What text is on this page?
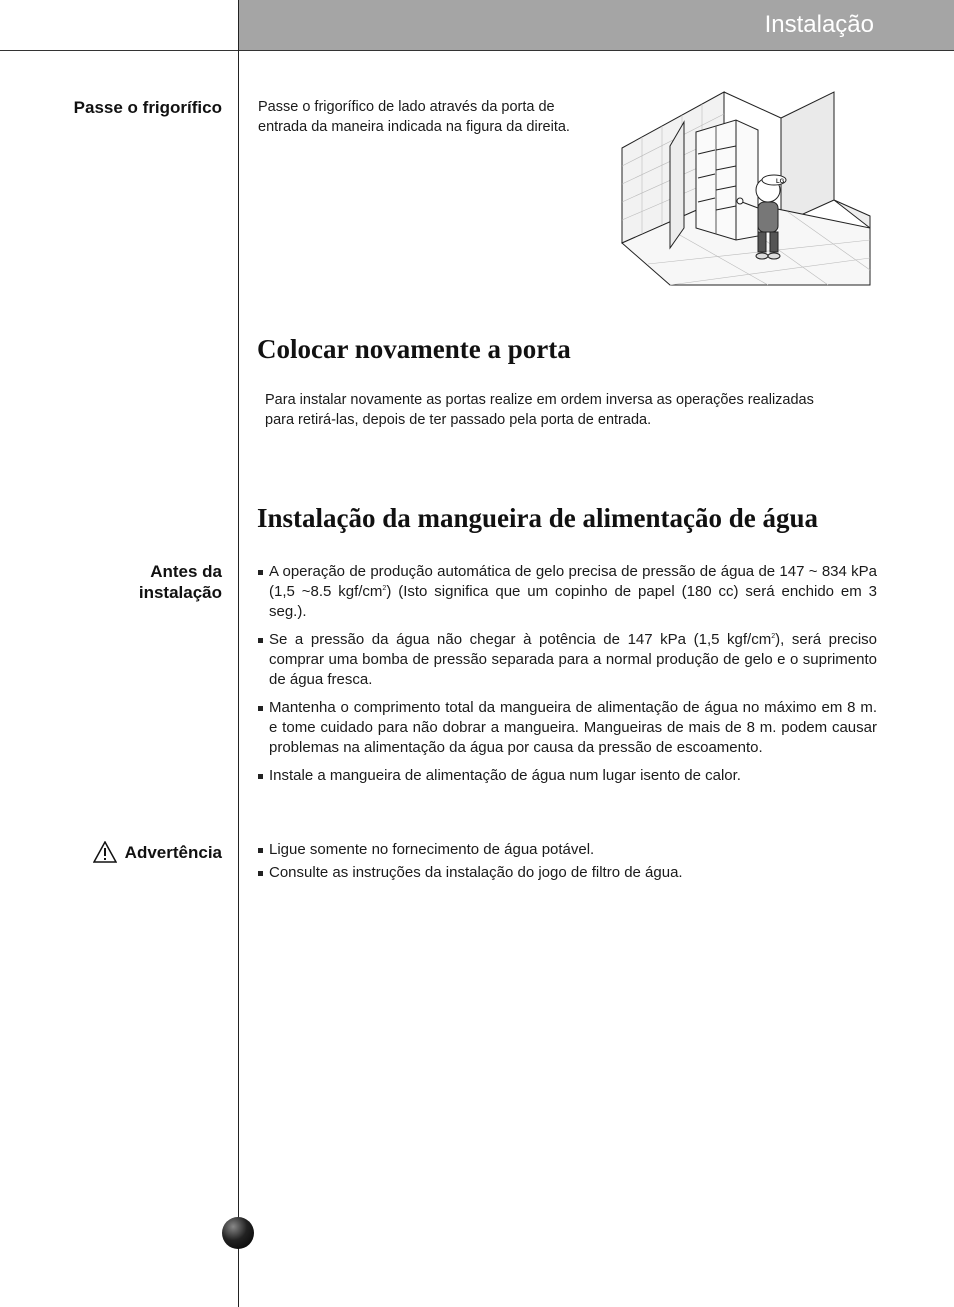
Instalação
Passe o frigorífico Passe o frigorífico de lado através da porta de
entrada da maneira indicada na figura da direita.
LG
Colocar novamente a porta
Para instalar novamente as portas realize em ordem inversa as operações realizadas
para retirá-las, depois de ter passado pela porta de entrada.
Instalação da mangueira de alimentação de água
Antes da
instalação
A operação de produção automática de gelo precisa de pressão de água de 147 ~ 834 kPa (1,5 ~8.5 kgf/$cm^2$) (Isto significa que um copinho de papel (180 cc) será enchido em 3 seg.).
Se a pressão da água não chegar à potência de 147 kPa (1,5 kgf/$cm^2$), será preciso comprar uma bomba de pressão separada para a normal produção de gelo e o suprimento de água fresca.
Mantenha o comprimento total da mangueira de alimentação de água no máximo em 8 m. e tome cuidado para não dobrar a mangueira. Mangueiras de mais de 8 m. podem causar problemas na alimentação da água por causa da pressão de escoamento.
Instale a mangueira de alimentação de água num lugar isento de calor.
Advertência	Ligue somente no fornecimento de água potável.
Consulte as instruções da instalação do jogo de filtro de água.
